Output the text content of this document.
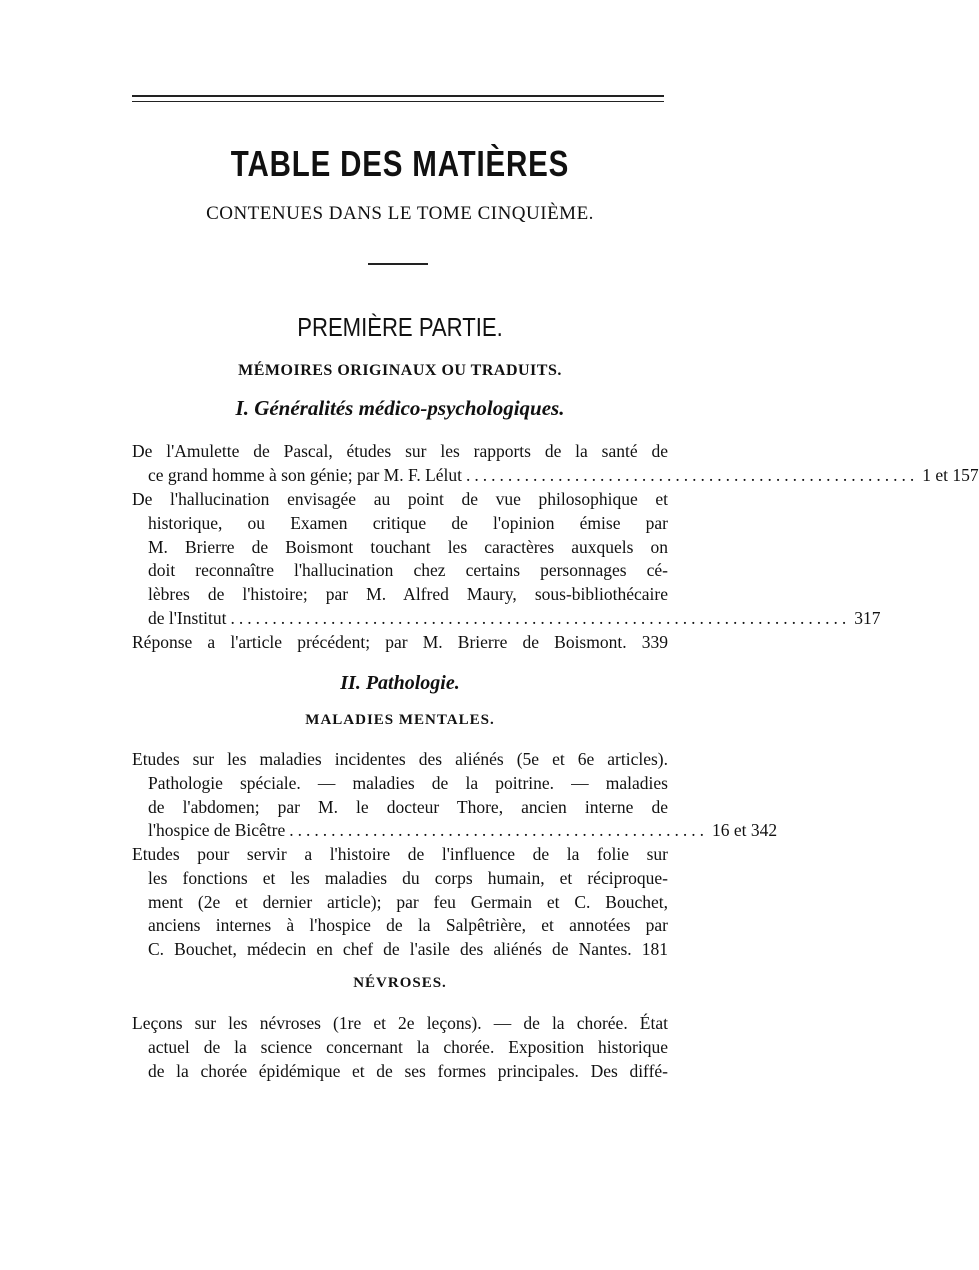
TABLE DES MATIÈRES
CONTENUES DANS LE TOME CINQUIÈME.
PREMIÈRE PARTIE.
MÉMOIRES ORIGINAUX OU TRADUITS.
I. Généralités médico-psychologiques.
De l'Amulette de Pascal, études sur les rapports de la santé de
ce grand homme à son génie; par M. F. Lélut ...................................................... 1 et 157
De l'hallucination envisagée au point de vue philosophique et
historique, ou Examen critique de l'opinion émise par
M. Brierre de Boismont touchant les caractères auxquels on
doit reconnaître l'hallucination chez certains personnages cé-
lèbres de l'histoire; par M. Alfred Maury, sous-bibliothécaire
de l'Institut .......................................................................... 317
Réponse a l'article précédent; par M. Brierre de Boismont. 339
II. Pathologie.
MALADIES MENTALES.
Etudes sur les maladies incidentes des aliénés (5e et 6e articles).
Pathologie spéciale. — maladies de la poitrine. — maladies
de l'abdomen; par M. le docteur Thore, ancien interne de
l'hospice de Bicêtre .................................................. 16 et 342
Etudes pour servir a l'histoire de l'influence de la folie sur
les fonctions et les maladies du corps humain, et réciproque-
ment (2e et dernier article); par feu Germain et C. Bouchet,
anciens internes à l'hospice de la Salpêtrière, et annotées par
C. Bouchet, médecin en chef de l'asile des aliénés de Nantes. 181
NÉVROSES.
Leçons sur les névroses (1re et 2e leçons). — de la chorée. État
actuel de la science concernant la chorée. Exposition historique
de la chorée épidémique et de ses formes principales. Des diffé-
